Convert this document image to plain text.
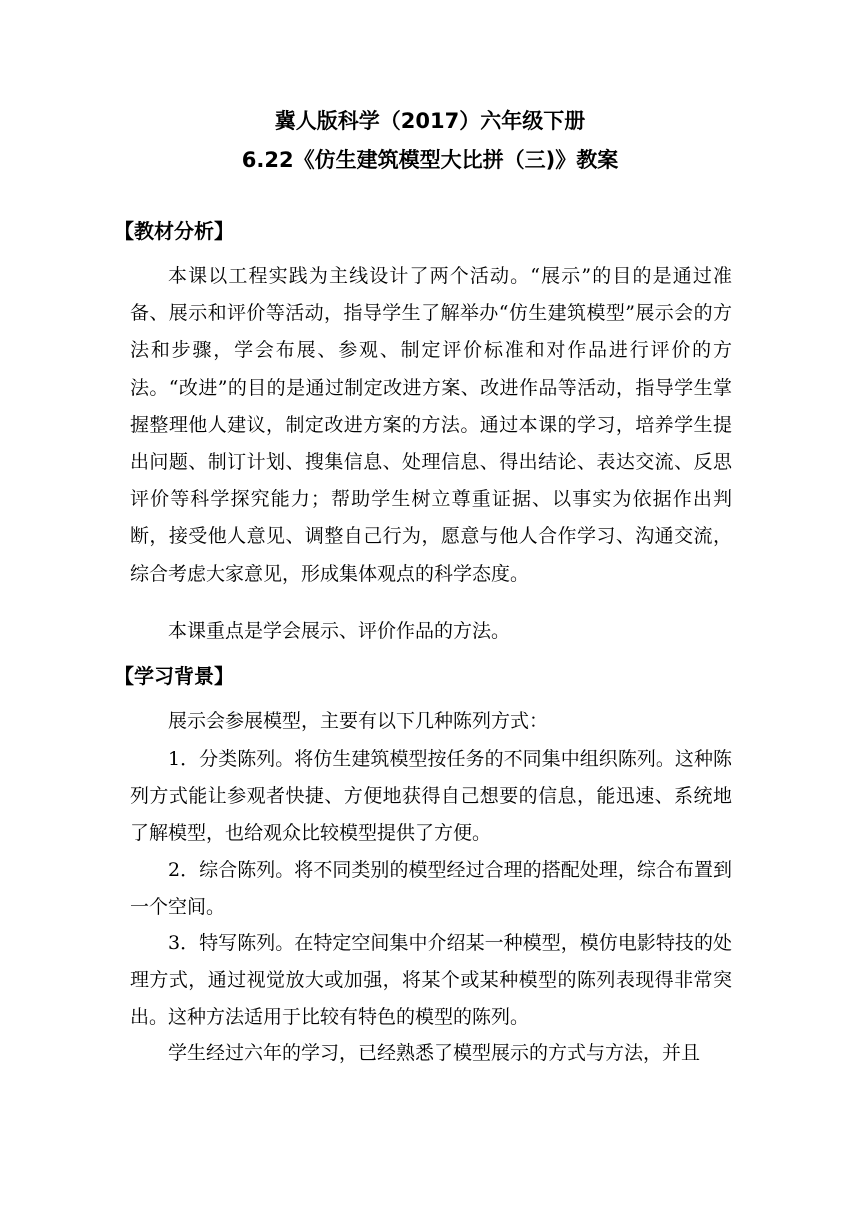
冀人版科学（2017）六年级下册
6.22《仿生建筑模型大比拼（三)》教案
【教材分析】

本课以工程实践为主线设计了两个活动。“展示”的目的是通过准备、展示和评价等活动，指导学生了解举办“仿生建筑模型”展示会的方法和步骤，学会布展、参观、制定评价标准和对作品进行评价的方法。“改进”的目的是通过制定改进方案、改进作品等活动，指导学生掌握整理他人建议，制定改进方案的方法。通过本课的学习，培养学生提出问题、制订计划、搜集信息、处理信息、得出结论、表达交流、反思评价等科学探究能力；帮助学生树立尊重证据、以事实为依据作出判断，接受他人意见、调整自己行为，愿意与他人合作学习、沟通交流，综合考虑大家意见，形成集体观点的科学态度。

本课重点是学会展示、评价作品的方法。

【学习背景】

展示会参展模型，主要有以下几种陈列方式：

1．分类陈列。将仿生建筑模型按任务的不同集中组织陈列。这种陈列方式能让参观者快捷、方便地获得自己想要的信息，能迅速、系统地了解模型，也给观众比较模型提供了方便。

2．综合陈列。将不同类别的模型经过合理的搭配处理，综合布置到一个空间。

3．特写陈列。在特定空间集中介绍某一种模型，模仿电影特技的处理方式，通过视觉放大或加强，将某个或某种模型的陈列表现得非常突出。这种方法适用于比较有特色的模型的陈列。

学生经过六年的学习，已经熟悉了模型展示的方式与方法，并且
